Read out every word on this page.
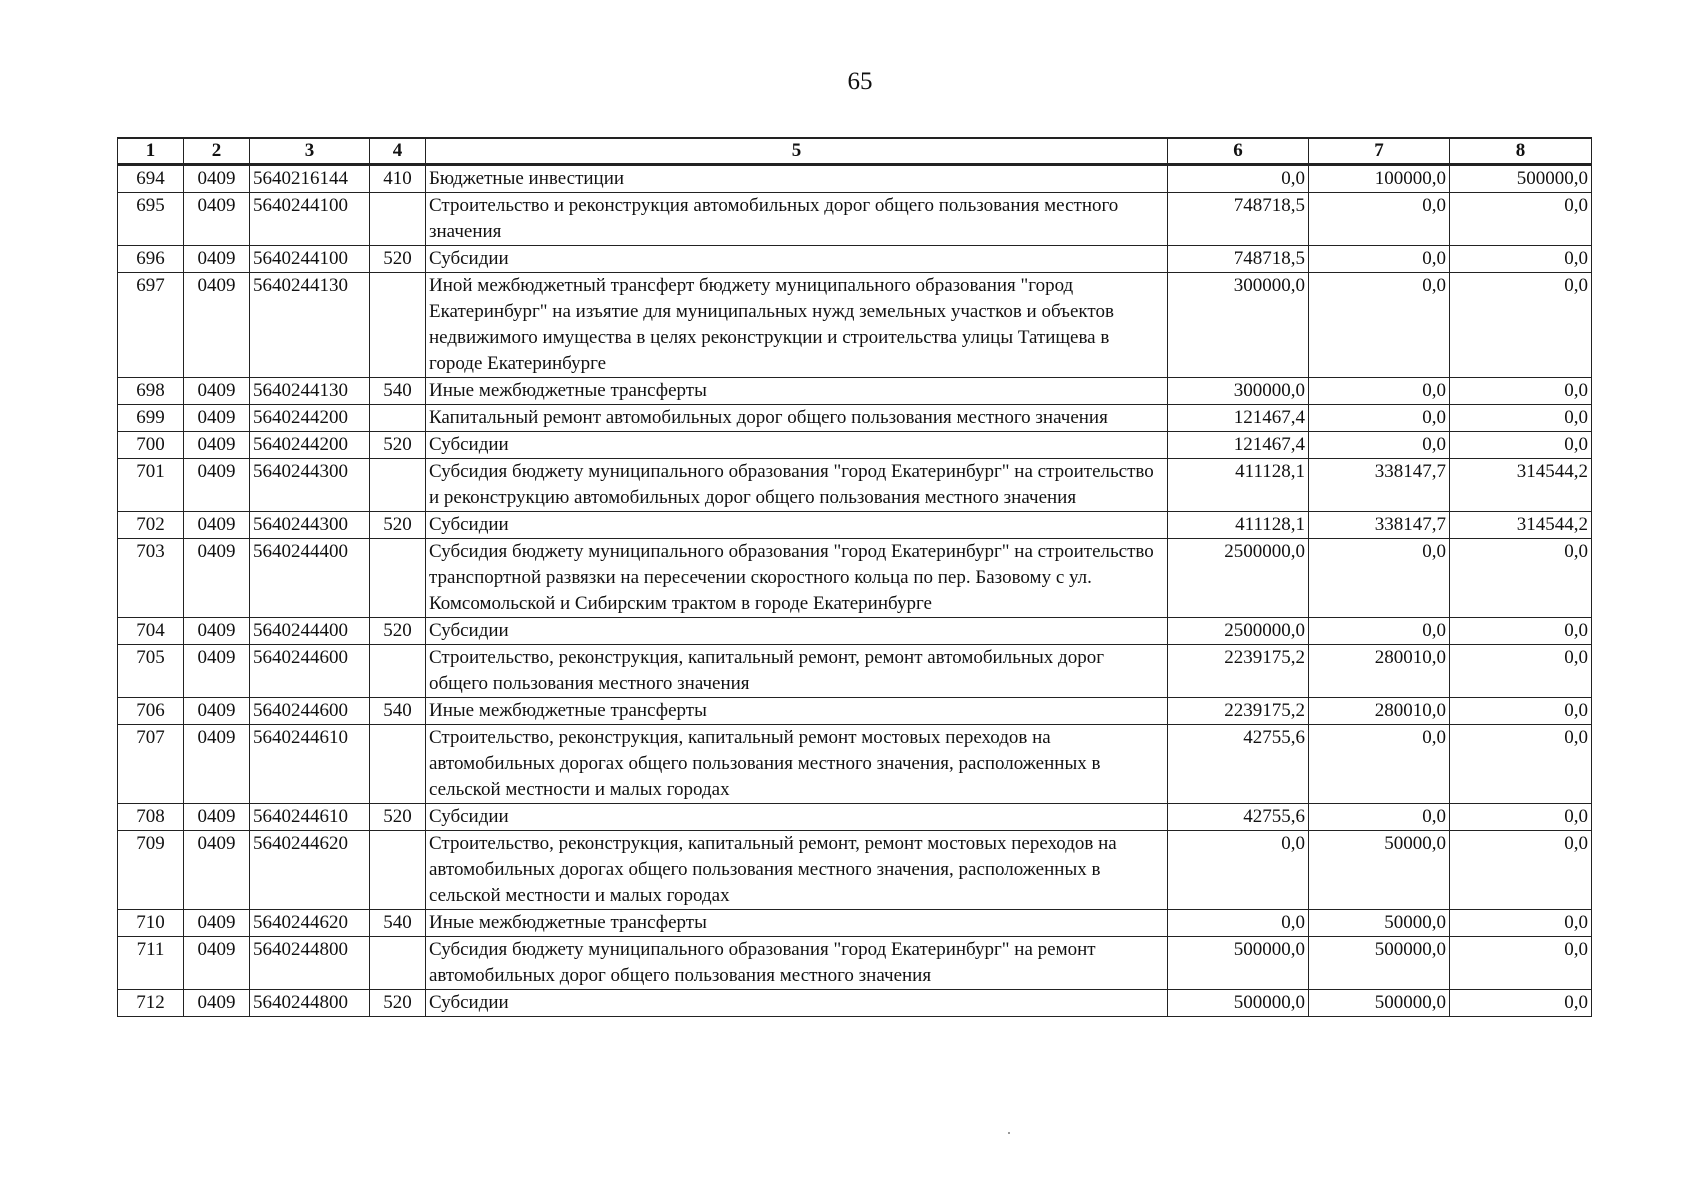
65
1	2	3	4	5	6	7	8
694	0409	5640216144	410	Бюджетные инвестиции	0,0	100000,0	500000,0
695	0409	5640244100		Строительство и реконструкция автомобильных дорог общего пользования местного значения	748718,5	0,0	0,0
696	0409	5640244100	520	Субсидии	748718,5	0,0	0,0
697	0409	5640244130		Иной межбюджетный трансферт бюджету муниципального образования "город Екатеринбург" на изъятие для муниципальных нужд земельных участков и объектов недвижимого имущества в целях реконструкции и строительства улицы Татищева в городе Екатеринбурге	300000,0	0,0	0,0
698	0409	5640244130	540	Иные межбюджетные трансферты	300000,0	0,0	0,0
699	0409	5640244200		Капитальный ремонт автомобильных дорог общего пользования местного значения	121467,4	0,0	0,0
700	0409	5640244200	520	Субсидии	121467,4	0,0	0,0
701	0409	5640244300		Субсидия бюджету муниципального образования "город Екатеринбург" на строительство и реконструкцию автомобильных дорог общего пользования местного значения	411128,1	338147,7	314544,2
702	0409	5640244300	520	Субсидии	411128,1	338147,7	314544,2
703	0409	5640244400		Субсидия бюджету муниципального образования "город Екатеринбург" на строительство транспортной развязки на пересечении скоростного кольца по пер. Базовому с ул. Комсомольской и Сибирским трактом в городе Екатеринбурге	2500000,0	0,0	0,0
704	0409	5640244400	520	Субсидии	2500000,0	0,0	0,0
705	0409	5640244600		Строительство, реконструкция, капитальный ремонт, ремонт автомобильных дорог общего пользования местного значения	2239175,2	280010,0	0,0
706	0409	5640244600	540	Иные межбюджетные трансферты	2239175,2	280010,0	0,0
707	0409	5640244610		Строительство, реконструкция, капитальный ремонт мостовых переходов на автомобильных дорогах общего пользования местного значения, расположенных в сельской местности и малых городах	42755,6	0,0	0,0
708	0409	5640244610	520	Субсидии	42755,6	0,0	0,0
709	0409	5640244620		Строительство, реконструкция, капитальный ремонт, ремонт мостовых переходов на автомобильных дорогах общего пользования местного значения, расположенных в сельской местности и малых городах	0,0	50000,0	0,0
710	0409	5640244620	540	Иные межбюджетные трансферты	0,0	50000,0	0,0
711	0409	5640244800		Субсидия бюджету муниципального образования "город Екатеринбург" на ремонт автомобильных дорог общего пользования местного значения	500000,0	500000,0	0,0
712	0409	5640244800	520	Субсидии	500000,0	500000,0	0,0
